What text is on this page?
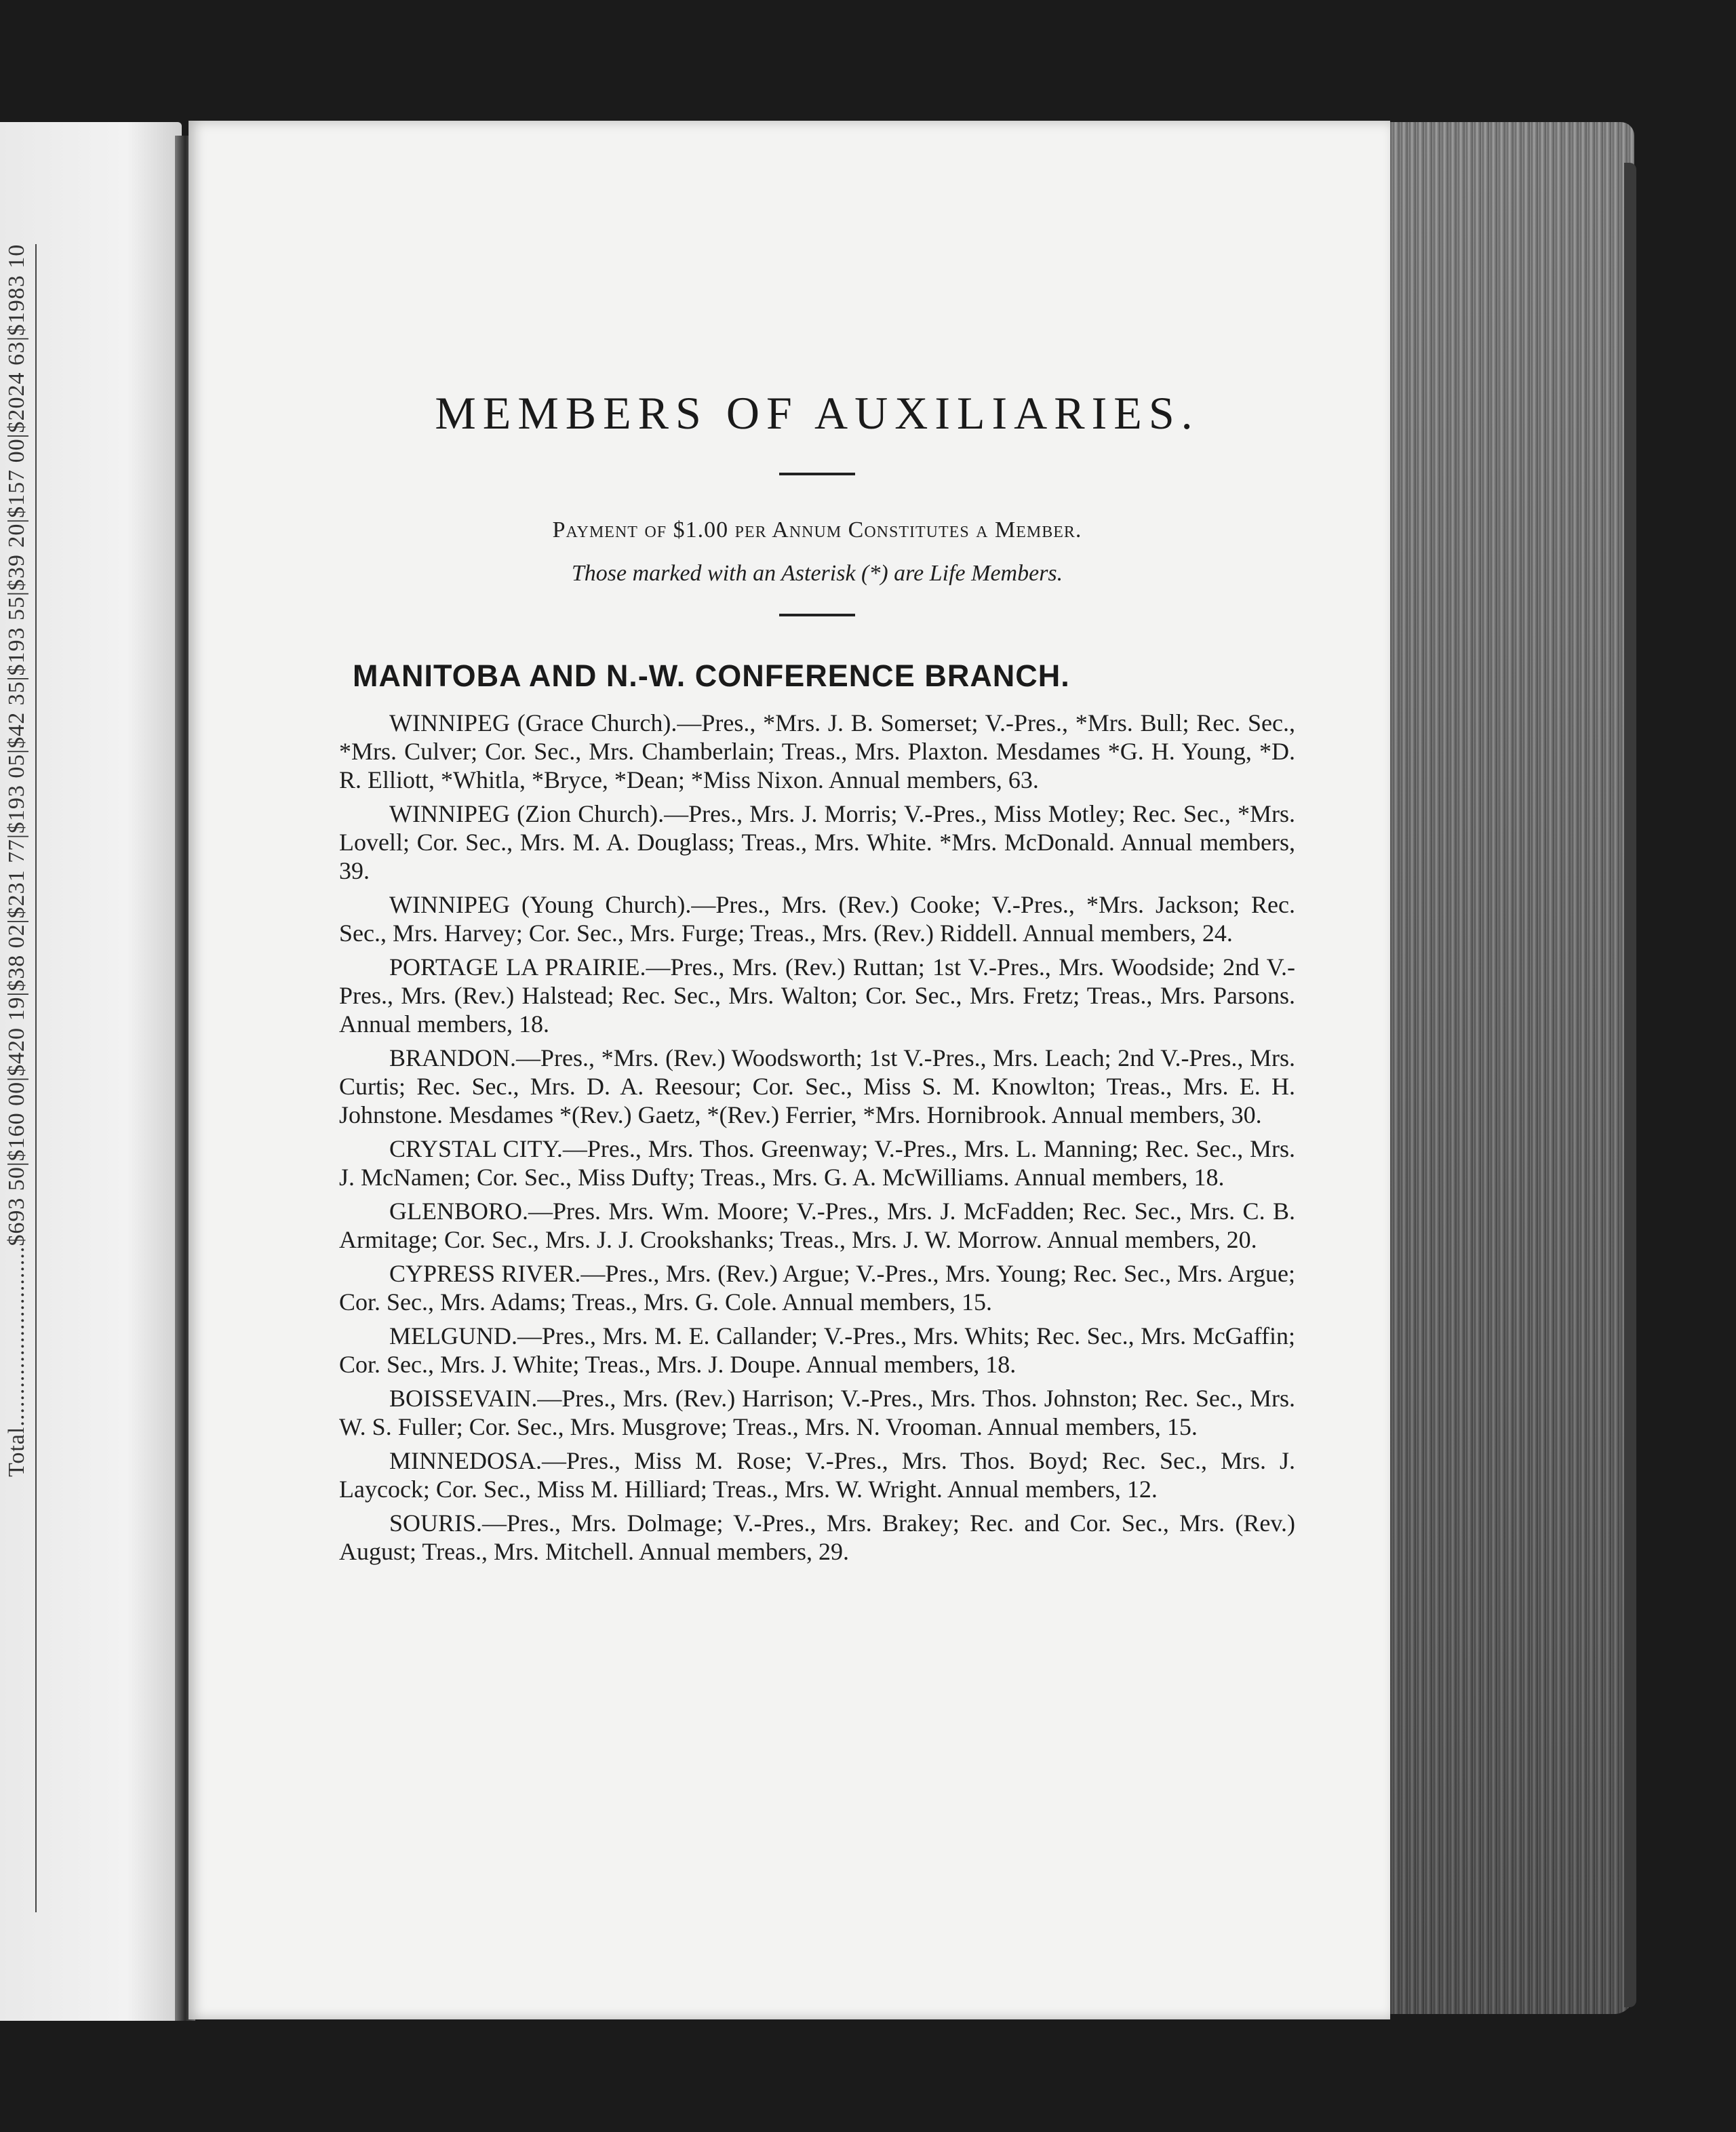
Total............................$693 50|$160 00|$420 19|$38 02|$231 77|$193 05|$42 35|$193 55|$39 20|$157 00|$2024 63|$1983 10	MEMBERS OF AUXILIARIES.

Payment of $1.00 per Annum Constitutes a Member.

Those marked with an Asterisk (*) are Life Members.

MANITOBA AND N.-W. CONFERENCE BRANCH.

WINNIPEG (Grace Church).—Pres., *Mrs. J. B. Somerset; V.-Pres., *Mrs. Bull; Rec. Sec., *Mrs. Culver; Cor. Sec., Mrs. Chamberlain; Treas., Mrs. Plaxton. Mesdames *G. H. Young, *D. R. Elliott, *Whitla, *Bryce, *Dean; *Miss Nixon. Annual members, 63.

WINNIPEG (Zion Church).—Pres., Mrs. J. Morris; V.-Pres., Miss Motley; Rec. Sec., *Mrs. Lovell; Cor. Sec., Mrs. M. A. Douglass; Treas., Mrs. White. *Mrs. McDonald. Annual members, 39.

WINNIPEG (Young Church).—Pres., Mrs. (Rev.) Cooke; V.-Pres., *Mrs. Jackson; Rec. Sec., Mrs. Harvey; Cor. Sec., Mrs. Furge; Treas., Mrs. (Rev.) Riddell. Annual members, 24.

PORTAGE LA PRAIRIE.—Pres., Mrs. (Rev.) Ruttan; 1st V.-Pres., Mrs. Woodside; 2nd V.-Pres., Mrs. (Rev.) Halstead; Rec. Sec., Mrs. Walton; Cor. Sec., Mrs. Fretz; Treas., Mrs. Parsons. Annual members, 18.

BRANDON.—Pres., *Mrs. (Rev.) Woodsworth; 1st V.-Pres., Mrs. Leach; 2nd V.-Pres., Mrs. Curtis; Rec. Sec., Mrs. D. A. Reesour; Cor. Sec., Miss S. M. Knowlton; Treas., Mrs. E. H. Johnstone. Mesdames *(Rev.) Gaetz, *(Rev.) Ferrier, *Mrs. Hornibrook. Annual members, 30.

CRYSTAL CITY.—Pres., Mrs. Thos. Greenway; V.-Pres., Mrs. L. Manning; Rec. Sec., Mrs. J. McNamen; Cor. Sec., Miss Dufty; Treas., Mrs. G. A. McWilliams. Annual members, 18.

GLENBORO.—Pres. Mrs. Wm. Moore; V.-Pres., Mrs. J. McFadden; Rec. Sec., Mrs. C. B. Armitage; Cor. Sec., Mrs. J. J. Crookshanks; Treas., Mrs. J. W. Morrow. Annual members, 20.

CYPRESS RIVER.—Pres., Mrs. (Rev.) Argue; V.-Pres., Mrs. Young; Rec. Sec., Mrs. Argue; Cor. Sec., Mrs. Adams; Treas., Mrs. G. Cole. Annual members, 15.

MELGUND.—Pres., Mrs. M. E. Callander; V.-Pres., Mrs. Whits; Rec. Sec., Mrs. McGaffin; Cor. Sec., Mrs. J. White; Treas., Mrs. J. Doupe. Annual members, 18.

BOISSEVAIN.—Pres., Mrs. (Rev.) Harrison; V.-Pres., Mrs. Thos. Johnston; Rec. Sec., Mrs. W. S. Fuller; Cor. Sec., Mrs. Musgrove; Treas., Mrs. N. Vrooman. Annual members, 15.

MINNEDOSA.—Pres., Miss M. Rose; V.-Pres., Mrs. Thos. Boyd; Rec. Sec., Mrs. J. Laycock; Cor. Sec., Miss M. Hilliard; Treas., Mrs. W. Wright. Annual members, 12.

SOURIS.—Pres., Mrs. Dolmage; V.-Pres., Mrs. Brakey; Rec. and Cor. Sec., Mrs. (Rev.) August; Treas., Mrs. Mitchell. Annual members, 29.
